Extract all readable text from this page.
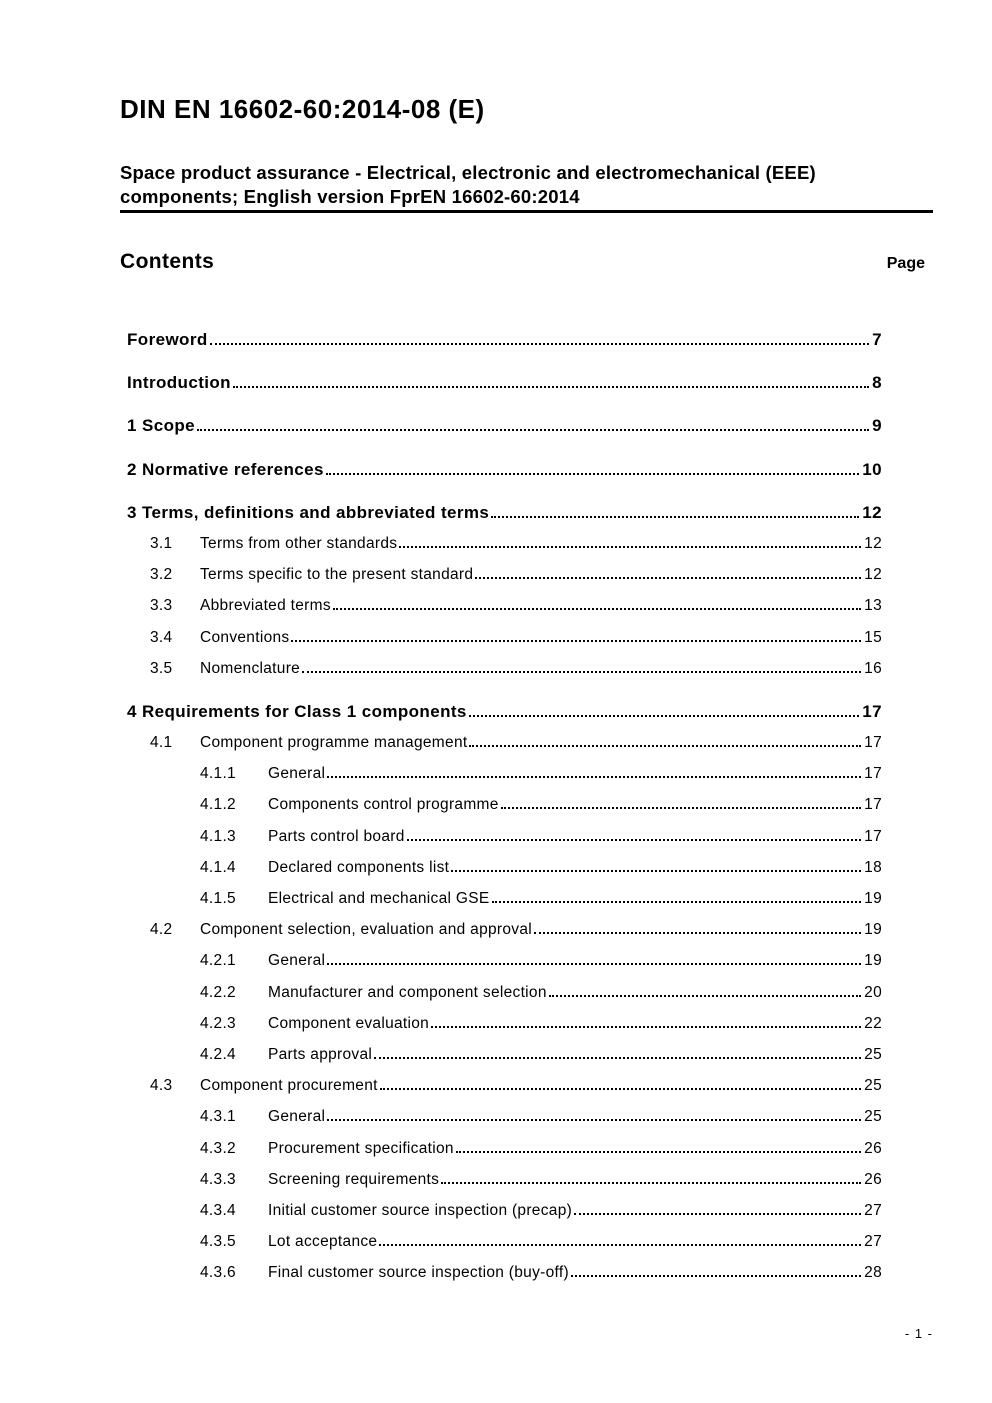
DIN EN 16602-60:2014-08 (E)
Space product assurance - Electrical, electronic and electromechanical (EEE)
components; English version FprEN 16602-60:2014
Contents	Page
Foreword	7
Introduction	8
1 Scope	9
2 Normative references	10
3 Terms, definitions and abbreviated terms	12
3.1	Terms from other standards	12
3.2	Terms specific to the present standard	12
3.3	Abbreviated terms	13
3.4	Conventions	15
3.5	Nomenclature	16
4 Requirements for Class 1 components	17
4.1	Component programme management	17
4.1.1	General	17
4.1.2	Components control programme	17
4.1.3	Parts control board	17
4.1.4	Declared components list	18
4.1.5	Electrical and mechanical GSE	19
4.2	Component selection, evaluation and approval	19
4.2.1	General	19
4.2.2	Manufacturer and component selection	20
4.2.3	Component evaluation	22
4.2.4	Parts approval	25
4.3	Component procurement	25
4.3.1	General	25
4.3.2	Procurement specification	26
4.3.3	Screening requirements	26
4.3.4	Initial customer source inspection (precap)	27
4.3.5	Lot acceptance	27
4.3.6	Final customer source inspection (buy-off)	28
- 1 -
